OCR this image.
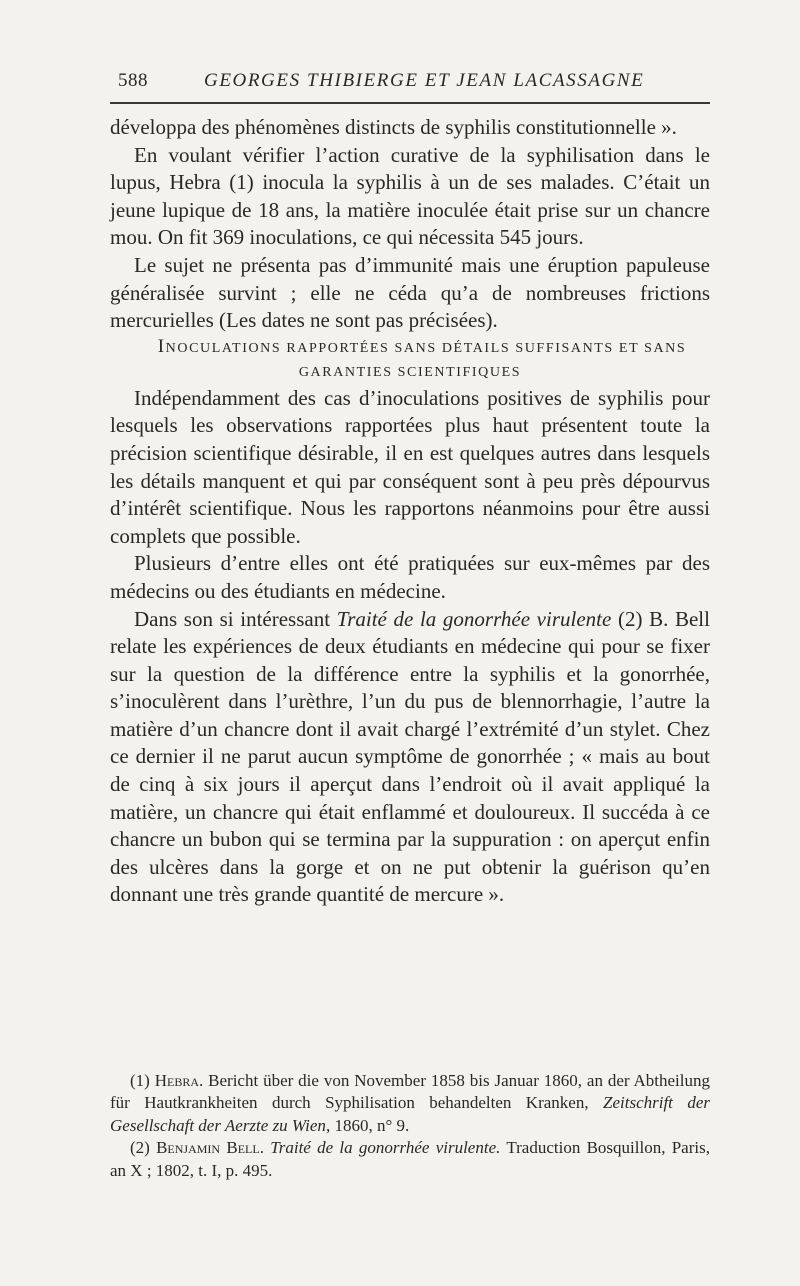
588	GEORGES THIBIERGE ET JEAN LACASSAGNE

développa des phénomènes distincts de syphilis constitutionnelle ».

En voulant vérifier l’action curative de la syphilisation dans le lupus, Hebra (1) inocula la syphilis à un de ses malades. C’était un jeune lupique de 18 ans, la matière inoculée était prise sur un chancre mou. On fit 369 inoculations, ce qui nécessita 545 jours.

Le sujet ne présenta pas d’immunité mais une éruption papuleuse généralisée survint ; elle ne céda qu’a de nombreuses frictions mercurielles (Les dates ne sont pas précisées).

INOCULATIONS RAPPORTÉES SANS DÉTAILS SUFFISANTS ET SANS
GARANTIES SCIENTIFIQUES

Indépendamment des cas d’inoculations positives de syphilis pour lesquels les observations rapportées plus haut présentent toute la précision scientifique désirable, il en est quelques autres dans lesquels les détails manquent et qui par conséquent sont à peu près dépourvus d’intérêt scientifique. Nous les rapportons néanmoins pour être aussi complets que possible.

Plusieurs d’entre elles ont été pratiquées sur eux-mêmes par des médecins ou des étudiants en médecine.

Dans son si intéressant Traité de la gonorrhée virulente (2) B. Bell relate les expériences de deux étudiants en médecine qui pour se fixer sur la question de la différence entre la syphilis et la gonorrhée, s’inoculèrent dans l’urèthre, l’un du pus de blennorrhagie, l’autre la matière d’un chancre dont il avait chargé l’extrémité d’un stylet. Chez ce dernier il ne parut aucun symptôme de gonorrhée ; « mais au bout de cinq à six jours il aperçut dans l’endroit où il avait appliqué la matière, un chancre qui était enflammé et douloureux. Il succéda à ce chancre un bubon qui se termina par la suppuration : on aperçut enfin des ulcères dans la gorge et on ne put obtenir la guérison qu’en donnant une très grande quantité de mercure ».

(1) Hebra. Bericht über die von November 1858 bis Januar 1860, an der Abtheilung für Hautkrankheiten durch Syphilisation behandelten Kranken, Zeitschrift der Gesellschaft der Aerzte zu Wien, 1860, n° 9.

(2) Benjamin Bell. Traité de la gonorrhée virulente. Traduction Bosquillon, Paris, an X ; 1802, t. I, p. 495.
